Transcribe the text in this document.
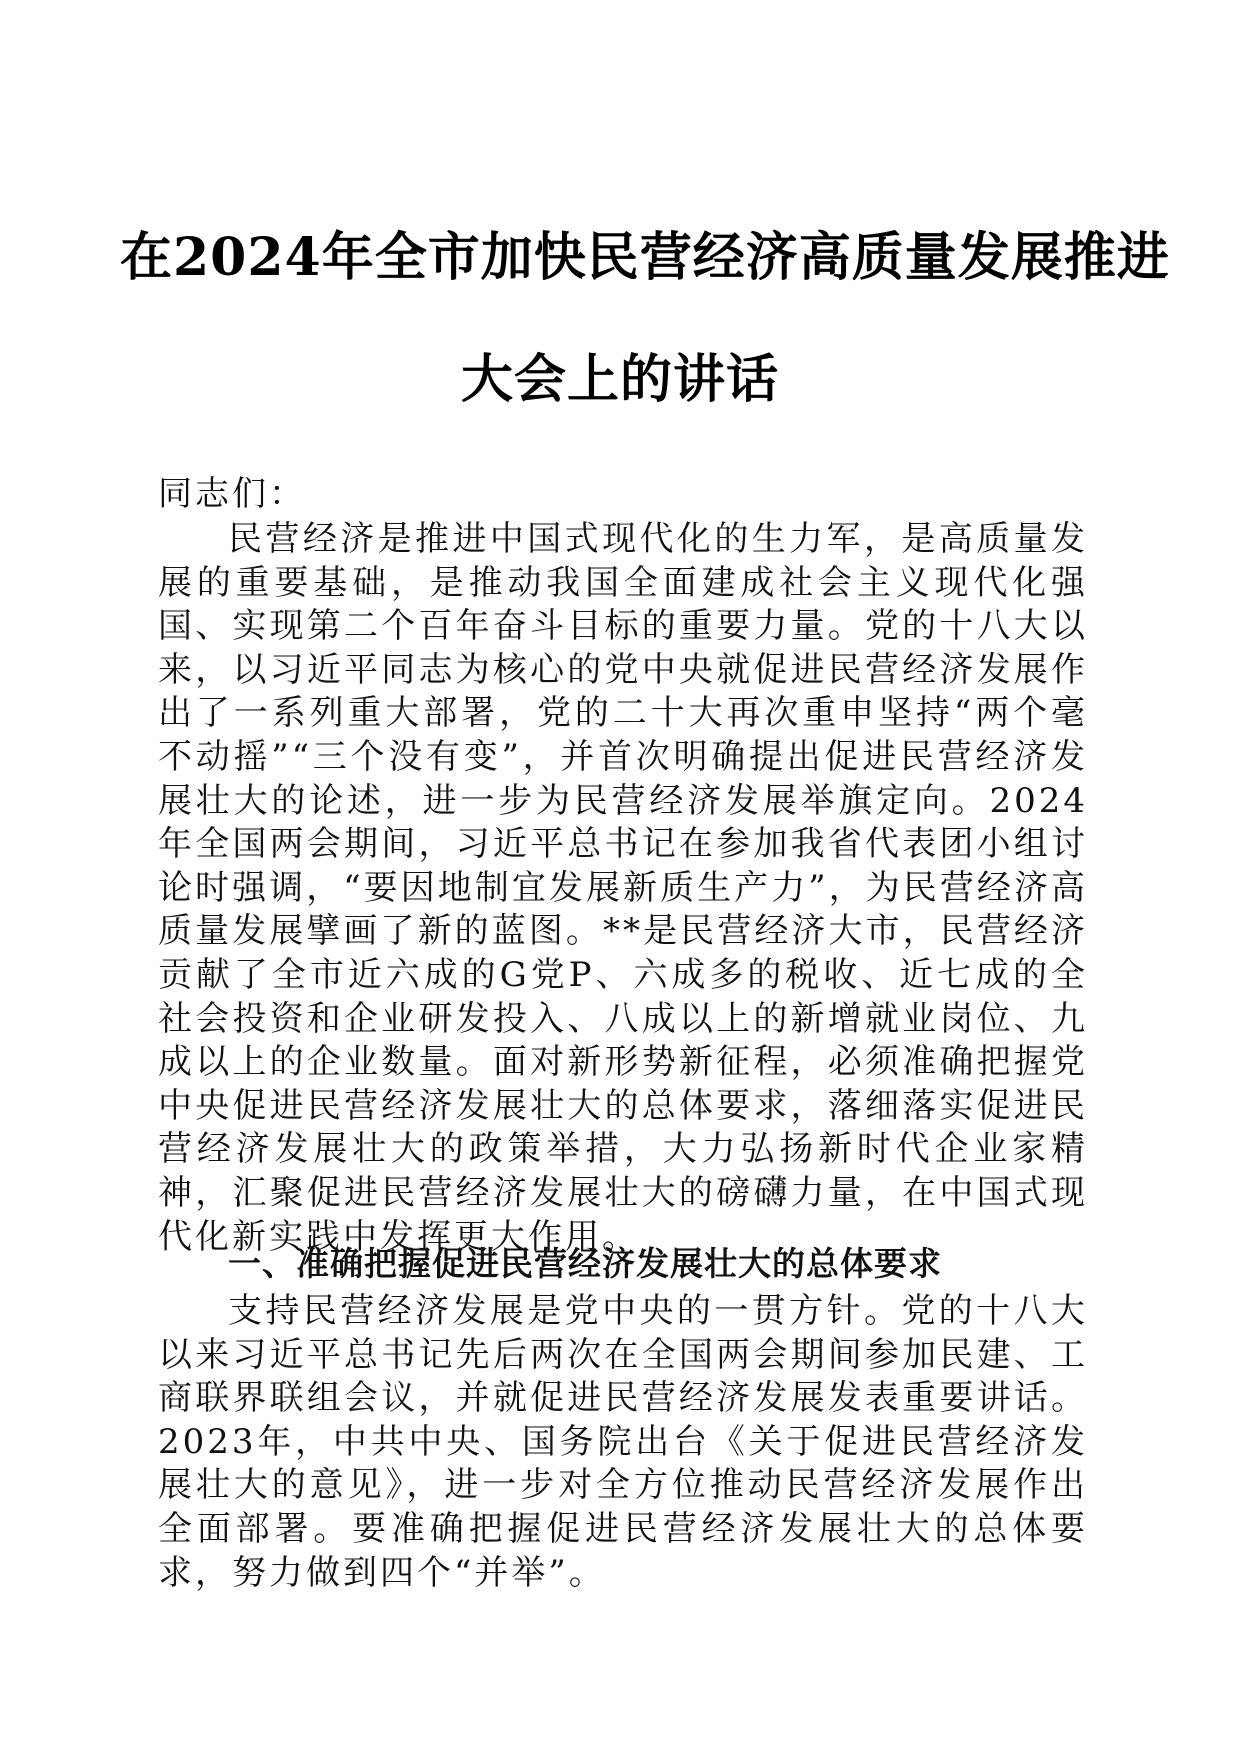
在2024年全市加快民营经济高质量发展推进
大会上的讲话
同志们：
民营经济是推进中国式现代化的生力军，是高质量发展的重要基础，是推动我国全面建成社会主义现代化强国、实现第二个百年奋斗目标的重要力量。党的十八大以来，以习近平同志为核心的党中央就促进民营经济发展作出了一系列重大部署，党的二十大再次重申坚持“两个毫不动摇”“三个没有变”，并首次明确提出促进民营经济发展壮大的论述，进一步为民营经济发展举旗定向。2024年全国两会期间，习近平总书记在参加我省代表团小组讨论时强调，“要因地制宜发展新质生产力”，为民营经济高质量发展擘画了新的蓝图。**是民营经济大市，民营经济贡献了全市近六成的G党P、六成多的税收、近七成的全社会投资和企业研发投入、八成以上的新增就业岗位、九成以上的企业数量。面对新形势新征程，必须准确把握党中央促进民营经济发展壮大的总体要求，落细落实促进民营经济发展壮大的政策举措，大力弘扬新时代企业家精神，汇聚促进民营经济发展壮大的磅礴力量，在中国式现代化新实践中发挥更大作用。
一、准确把握促进民营经济发展壮大的总体要求
支持民营经济发展是党中央的一贯方针。党的十八大以来习近平总书记先后两次在全国两会期间参加民建、工商联界联组会议，并就促进民营经济发展发表重要讲话。2023年，中共中央、国务院出台《关于促进民营经济发展壮大的意见》，进一步对全方位推动民营经济发展作出全面部署。要准确把握促进民营经济发展壮大的总体要求，努力做到四个“并举”。
